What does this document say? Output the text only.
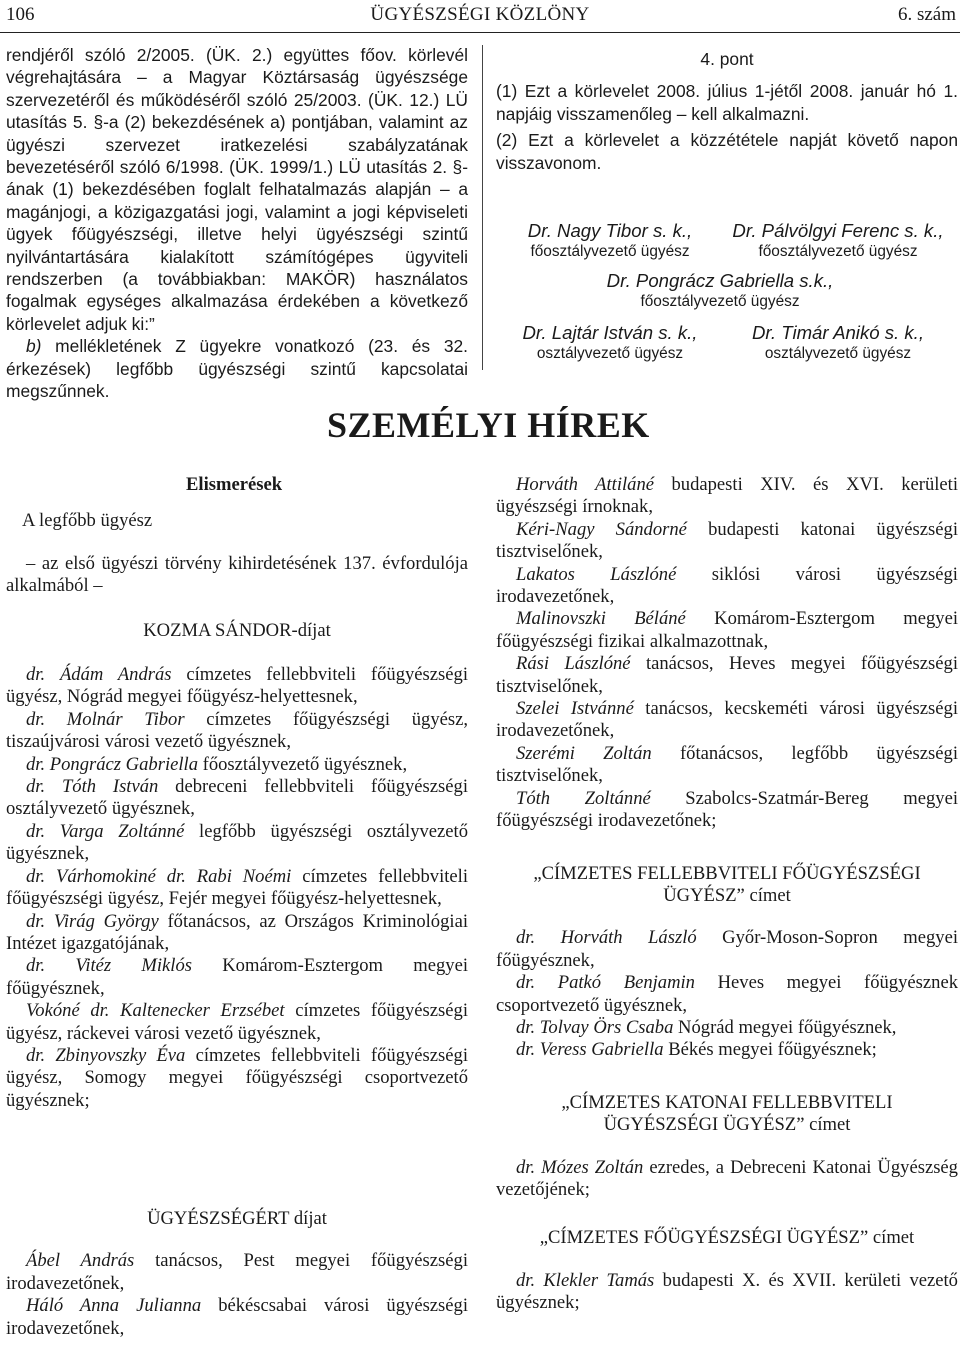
106	ÜGYÉSZSÉGI KÖZLÖNY	6. szám

rendjéről szóló 2/2005. (ÜK. 2.) együttes főov. körlevél végrehajtására – a Magyar Köztársaság ügyészsége szervezetéről és működéséről szóló 25/2003. (ÜK. 12.) LÜ utasítás 5. §-a (2) bekezdésének a) pontjában, valamint az ügyészi szervezet iratkezelési szabályzatának bevezetéséről szóló 6/1998. (ÜK. 1999/1.) LÜ utasítás 2. §-ának (1) bekezdésében foglalt felhatalmazás alapján – a magánjogi, a közigazgatási jogi, valamint a jogi képviseleti ügyek főügyészségi, illetve helyi ügyészségi szintű nyilvántartására kialakított számítógépes ügyviteli rendszerben (a továbbiakban: MAKÖR) használatos fogalmak egységes alkalmazása érdekében a következő körlevelet adjuk ki:”

b) mellékletének Z ügyekre vonatkozó (23. és 32. érkezések) legfőbb ügyészségi szintű kapcsolatai megszűnnek.

4. pont

(1) Ezt a körlevelet 2008. július 1-jétől 2008. január hó 1. napjáig visszamenőleg – kell alkalmazni.

(2) Ezt a körlevelet a közzététele napját követő napon visszavonom.

Dr. Nagy Tibor s. k.,
főosztályvezető ügyész
Dr. Pálvölgyi Ferenc s. k.,
főosztályvezető ügyész
Dr. Pongrácz Gabriella s.k.,
főosztályvezető ügyész
Dr. Lajtár István s. k.,
osztályvezető ügyész
Dr. Timár Anikó s. k.,
osztályvezető ügyész
SZEMÉLYI HÍREK

Elismerések

A legfőbb ügyész

– az első ügyészi törvény kihirdetésének 137. évfordulója alkalmából –

KOZMA SÁNDOR-díjat

dr. Ádám András címzetes fellebbviteli főügyészségi ügyész, Nógrád megyei főügyész-helyettesnek,

dr. Molnár Tibor címzetes főügyészségi ügyész, tiszaújvárosi városi vezető ügyésznek,

dr. Pongrácz Gabriella főosztályvezető ügyésznek,

dr. Tóth István debreceni fellebbviteli főügyészségi osztályvezető ügyésznek,

dr. Varga Zoltánné legfőbb ügyészségi osztályvezető ügyésznek,

dr. Várhomokiné dr. Rabi Noémi címzetes fellebbviteli főügyészségi ügyész, Fejér megyei főügyész-helyettesnek,

dr. Virág György főtanácsos, az Országos Kriminológiai Intézet igazgatójának,

dr. Vitéz Miklós Komárom-Esztergom megyei főügyésznek,

Vokóné dr. Kaltenecker Erzsébet címzetes főügyészségi ügyész, ráckevei városi vezető ügyésznek,

dr. Zbinyovszky Éva címzetes fellebbviteli főügyészségi ügyész, Somogy megyei főügyészségi csoportvezető ügyésznek;

ÜGYÉSZSÉGÉRT díjat

Ábel András tanácsos, Pest megyei főügyészségi irodavezetőnek,

Háló Anna Julianna békéscsabai városi ügyészségi irodavezetőnek,

Horváth Attiláné budapesti XIV. és XVI. kerületi ügyészségi írnoknak,

Kéri-Nagy Sándorné budapesti katonai ügyészségi tisztviselőnek,

Lakatos Lászlóné siklósi városi ügyészségi irodavezetőnek,

Malinovszki Béláné Komárom-Esztergom megyei főügyészségi fizikai alkalmazottnak,

Rási Lászlóné tanácsos, Heves megyei főügyészségi tisztviselőnek,

Szelei Istvánné tanácsos, kecskeméti városi ügyészségi irodavezetőnek,

Szerémi Zoltán főtanácsos, legfőbb ügyészségi tisztviselőnek,

Tóth Zoltánné Szabolcs-Szatmár-Bereg megyei főügyészségi irodavezetőnek;

„CÍMZETES FELLEBBVITELI FŐÜGYÉSZSÉGI ÜGYÉSZ” címet

dr. Horváth László Győr-Moson-Sopron megyei főügyésznek,

dr. Patkó Benjamin Heves megyei főügyésznek csoportvezető ügyésznek,

dr. Tolvay Örs Csaba Nógrád megyei főügyésznek,

dr. Veress Gabriella Békés megyei főügyésznek;

„CÍMZETES KATONAI FELLEBBVITELI ÜGYÉSZSÉGI ÜGYÉSZ” címet

dr. Mózes Zoltán ezredes, a Debreceni Katonai Ügyészség vezetőjének;

„CÍMZETES FŐÜGYÉSZSÉGI ÜGYÉSZ” címet

dr. Klekler Tamás budapesti X. és XVII. kerületi vezető ügyésznek;
